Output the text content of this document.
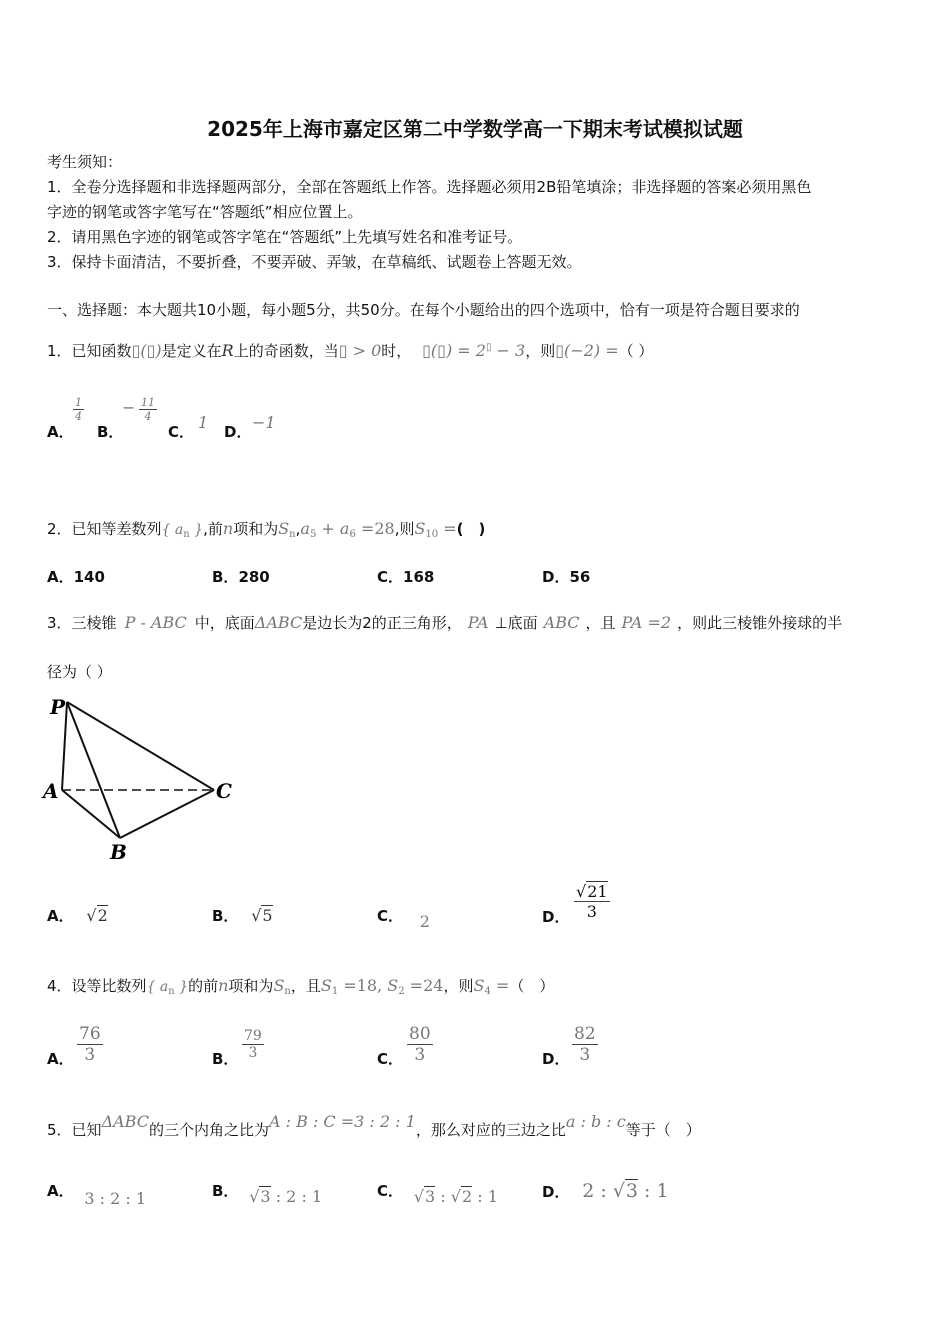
2025年上海市嘉定区第二中学数学高一下期末考试模拟试题
考生须知：
1．全卷分选择题和非选择题两部分，全部在答题纸上作答。选择题必须用2B铅笔填涂；非选择题的答案必须用黑色
字迹的钢笔或答字笔写在“答题纸”相应位置上。
2．请用黑色字迹的钢笔或答字笔在“答题纸”上先填写姓名和准考证号。
3．保持卡面清洁，不要折叠，不要弄破、弄皱，在草稿纸、试题卷上答题无效。
一、选择题：本大题共10小题，每小题5分，共50分。在每个小题给出的四个选项中，恰有一项是符合题目要求的
1．已知函数▯(▯)是定义在R上的奇函数，当▯ > 0时， ▯(▯) = 2▯ − 3，则▯(−2) =（ ）
A．
$\frac{1}{4}$
B．
− $\frac{11}{4}$
C． 1 D． −1
2．已知等差数列{ $a_n$ },前n项和为$S_n,a_5 + a_6 =28$,则$S_{10}$ =(　)
A．140	B．280	C．168	D．56
3．三棱锥 P - ABC 中，底面ΔABC是边长为2的正三角形， PA ⊥底面 ABC ，且 PA =2 ，则此三棱锥外接球的半
径为（ ）
P
A	C
B
A． √2	B． √5	C． 2	D． $\frac{√21}{3}$
4．设等比数列{ $a_n$ }的前n项和为$S_n$，且$S_1 =18$, $S_2 =24$，则$S_4$ =（　）
A． $\frac{76}{3}$	B． $\frac{79}{3}$	C． $\frac{80}{3}$	D． $\frac{82}{3}$
5．已知ΔABC的三个内角之比为A : B : C =3 : 2 : 1，那么对应的三边之比a : b : c等于（　）
A． 3 : 2 : 1	B． √3 : 2 : 1	C． √3 : √2 : 1	D． 2 : √3 : 1
